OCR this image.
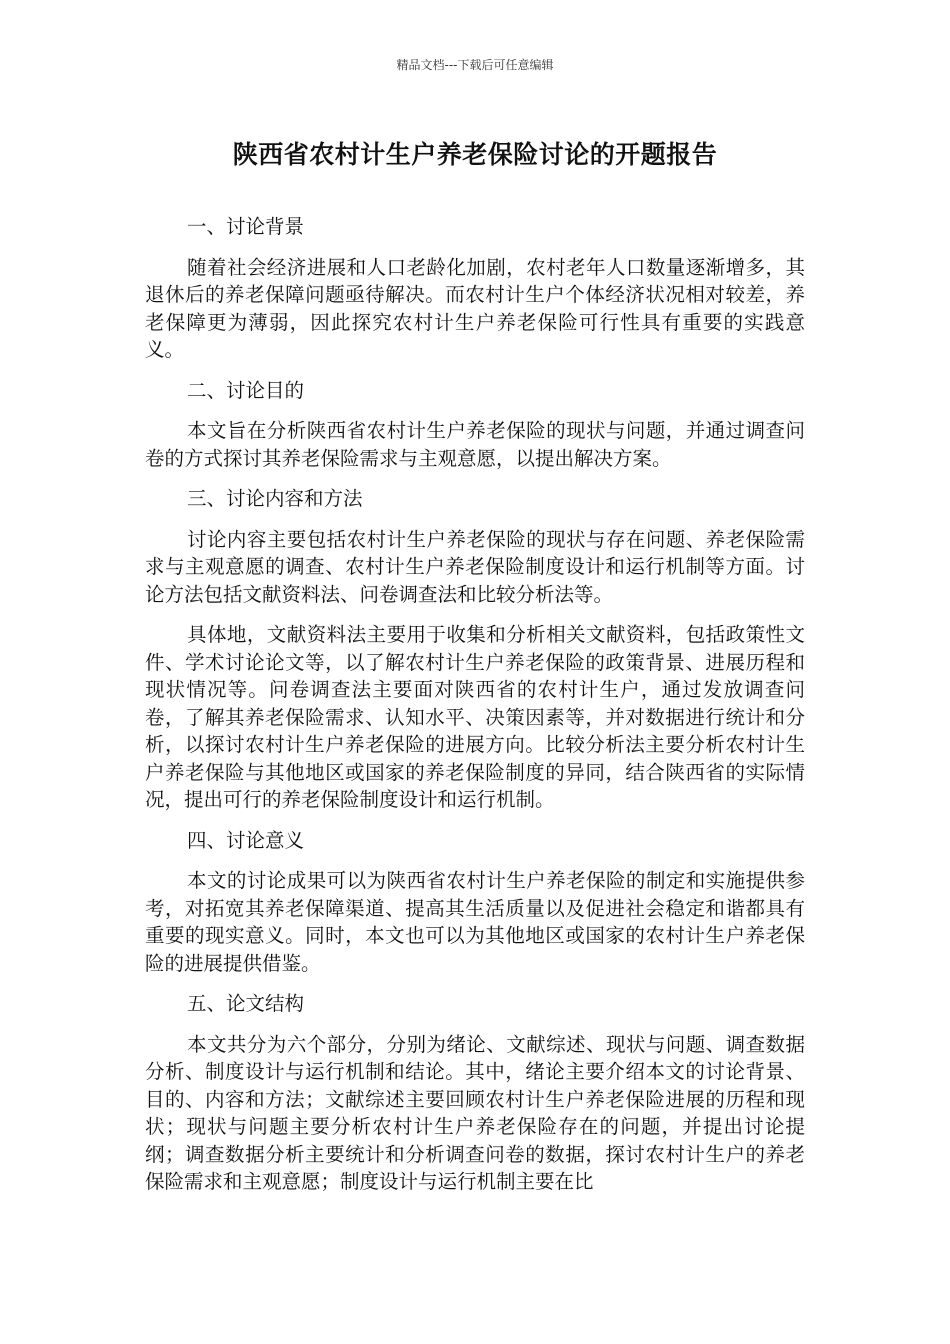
精品文档---下载后可任意编辑
陕西省农村计生户养老保险讨论的开题报告
一、讨论背景

随着社会经济进展和人口老龄化加剧，农村老年人口数量逐渐增多，其退休后的养老保障问题亟待解决。而农村计生户个体经济状况相对较差，养老保障更为薄弱，因此探究农村计生户养老保险可行性具有重要的实践意义。

二、讨论目的

本文旨在分析陕西省农村计生户养老保险的现状与问题，并通过调查问卷的方式探讨其养老保险需求与主观意愿，以提出解决方案。

三、讨论内容和方法

讨论内容主要包括农村计生户养老保险的现状与存在问题、养老保险需求与主观意愿的调查、农村计生户养老保险制度设计和运行机制等方面。讨论方法包括文献资料法、问卷调查法和比较分析法等。

具体地，文献资料法主要用于收集和分析相关文献资料，包括政策性文件、学术讨论论文等，以了解农村计生户养老保险的政策背景、进展历程和现状情况等。问卷调查法主要面对陕西省的农村计生户，通过发放调查问卷，了解其养老保险需求、认知水平、决策因素等，并对数据进行统计和分析，以探讨农村计生户养老保险的进展方向。比较分析法主要分析农村计生户养老保险与其他地区或国家的养老保险制度的异同，结合陕西省的实际情况，提出可行的养老保险制度设计和运行机制。

四、讨论意义

本文的讨论成果可以为陕西省农村计生户养老保险的制定和实施提供参考，对拓宽其养老保障渠道、提高其生活质量以及促进社会稳定和谐都具有重要的现实意义。同时，本文也可以为其他地区或国家的农村计生户养老保险的进展提供借鉴。

五、论文结构

本文共分为六个部分，分别为绪论、文献综述、现状与问题、调查数据分析、制度设计与运行机制和结论。其中，绪论主要介绍本文的讨论背景、目的、内容和方法；文献综述主要回顾农村计生户养老保险进展的历程和现状；现状与问题主要分析农村计生户养老保险存在的问题，并提出讨论提纲；调查数据分析主要统计和分析调查问卷的数据，探讨农村计生户的养老保险需求和主观意愿；制度设计与运行机制主要在比
